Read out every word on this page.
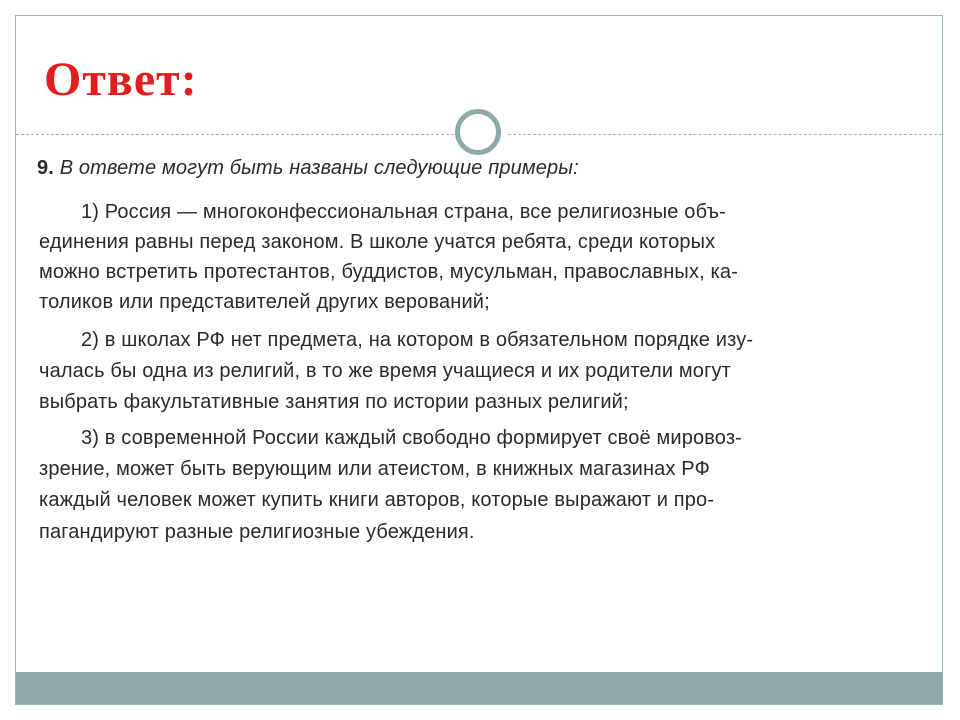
Ответ:
9. В ответе могут быть названы следующие примеры:
1) Россия — многоконфессиональная страна, все религиозные объ-
единения равны перед законом. В школе учатся ребята, среди которых
можно встретить протестантов, буддистов, мусульман, православных, ка-
толиков или представителей других верований;
2) в школах РФ нет предмета, на котором в обязательном порядке изу-
чалась бы одна из религий, в то же время учащиеся и их родители могут
выбрать факультативные занятия по истории разных религий;
3) в современной России каждый свободно формирует своё мировоз-
зрение, может быть верующим или атеистом, в книжных магазинах РФ
каждый человек может купить книги авторов, которые выражают и про-
пагандируют разные религиозные убеждения.
